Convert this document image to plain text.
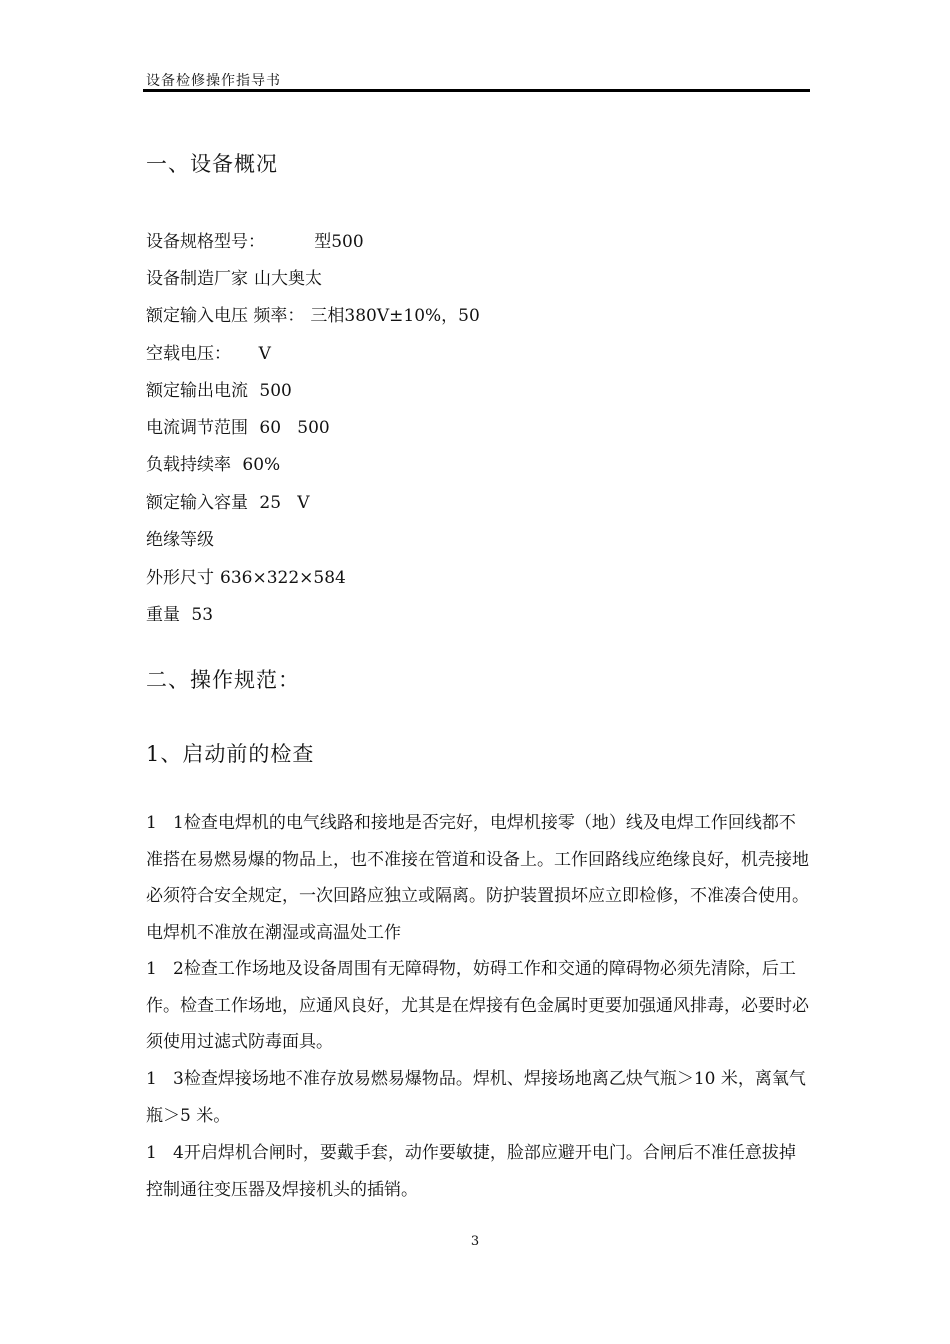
设备检修操作指导书
一、设备概况
设备规格型号：        型500
设备制造厂家 山大奥太
额定输入电压 频率： 三相380V±10%，50
空载电压：    V
额定输出电流 500
电流调节范围 60   500
负载持续率 60%
额定输入容量 25   V
绝缘等级
外形尺寸 636×322×584
重量 53
二、操作规范：
1、启动前的检查
1   1检查电焊机的电气线路和接地是否完好，电焊机接零（地）线及电焊工作回线都不准搭在易燃易爆的物品上，也不准接在管道和设备上。工作回路线应绝缘良好，机壳接地必须符合安全规定，一次回路应独立或隔离。防护装置损坏应立即检修，不准凑合使用。电焊机不准放在潮湿或高温处工作
1   2检查工作场地及设备周围有无障碍物，妨碍工作和交通的障碍物必须先清除，后工作。检查工作场地，应通风良好，尤其是在焊接有色金属时更要加强通风排毒，必要时必须使用过滤式防毒面具。
1   3检查焊接场地不准存放易燃易爆物品。焊机、焊接场地离乙炔气瓶＞10 米，离氧气瓶＞5 米。
1   4开启焊机合闸时，要戴手套，动作要敏捷，脸部应避开电门。合闸后不准任意拔掉控制通往变压器及焊接机头的插销。
3
